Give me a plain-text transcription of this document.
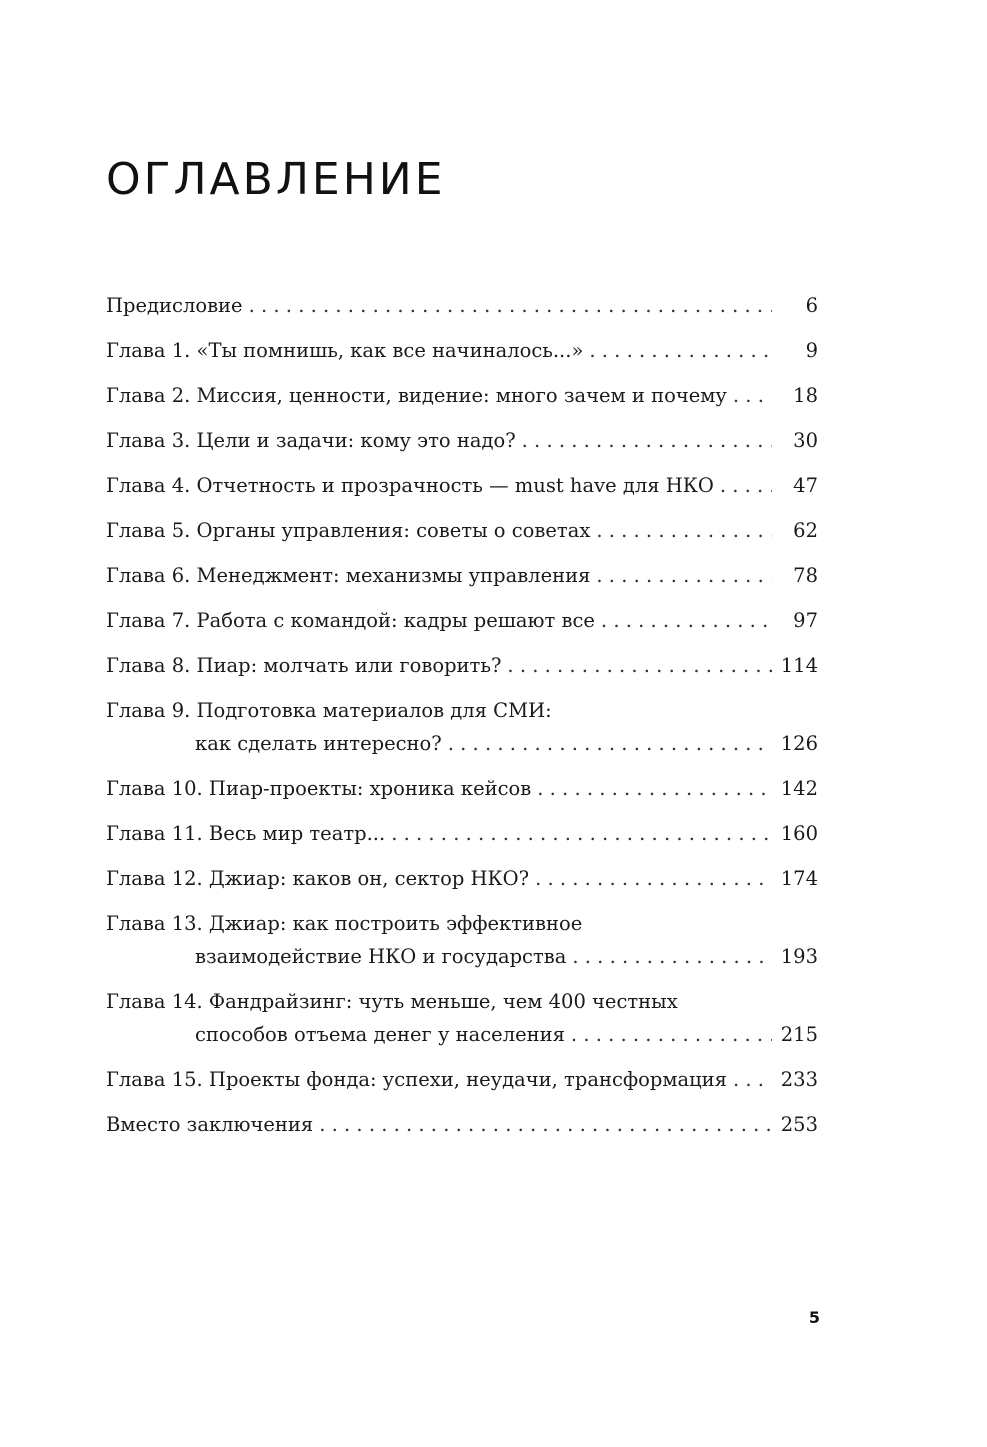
ОГЛАВЛЕНИЕ
Предисловие . . .	6
Глава 1. «Ты помнишь, как все начиналось...» . . .	9
Глава 2. Миссия, ценности, видение: много зачем и почему . . .	18
Глава 3. Цели и задачи: кому это надо? . . .	30
Глава 4. Отчетность и прозрачность — must have для НКО . . .	47
Глава 5. Органы управления: советы о советах . . .	62
Глава 6. Менеджмент: механизмы управления . . .	78
Глава 7. Работа с командой: кадры решают все . . .	97
Глава 8. Пиар: молчать или говорить? . . .	114
Глава 9. Подготовка материалов для СМИ:
как сделать интересно? . . .	126
Глава 10. Пиар-проекты: хроника кейсов . . .	142
Глава 11. Весь мир театр... . . .	160
Глава 12. Джиар: каков он, сектор НКО? . . .	174
Глава 13. Джиар: как построить эффективное
взаимодействие НКО и государства . . .	193
Глава 14. Фандрайзинг: чуть меньше, чем 400 честных
способов отъема денег у населения . . .	215
Глава 15. Проекты фонда: успехи, неудачи, трансформация . . .	233
Вместо заключения . . .	253
5
